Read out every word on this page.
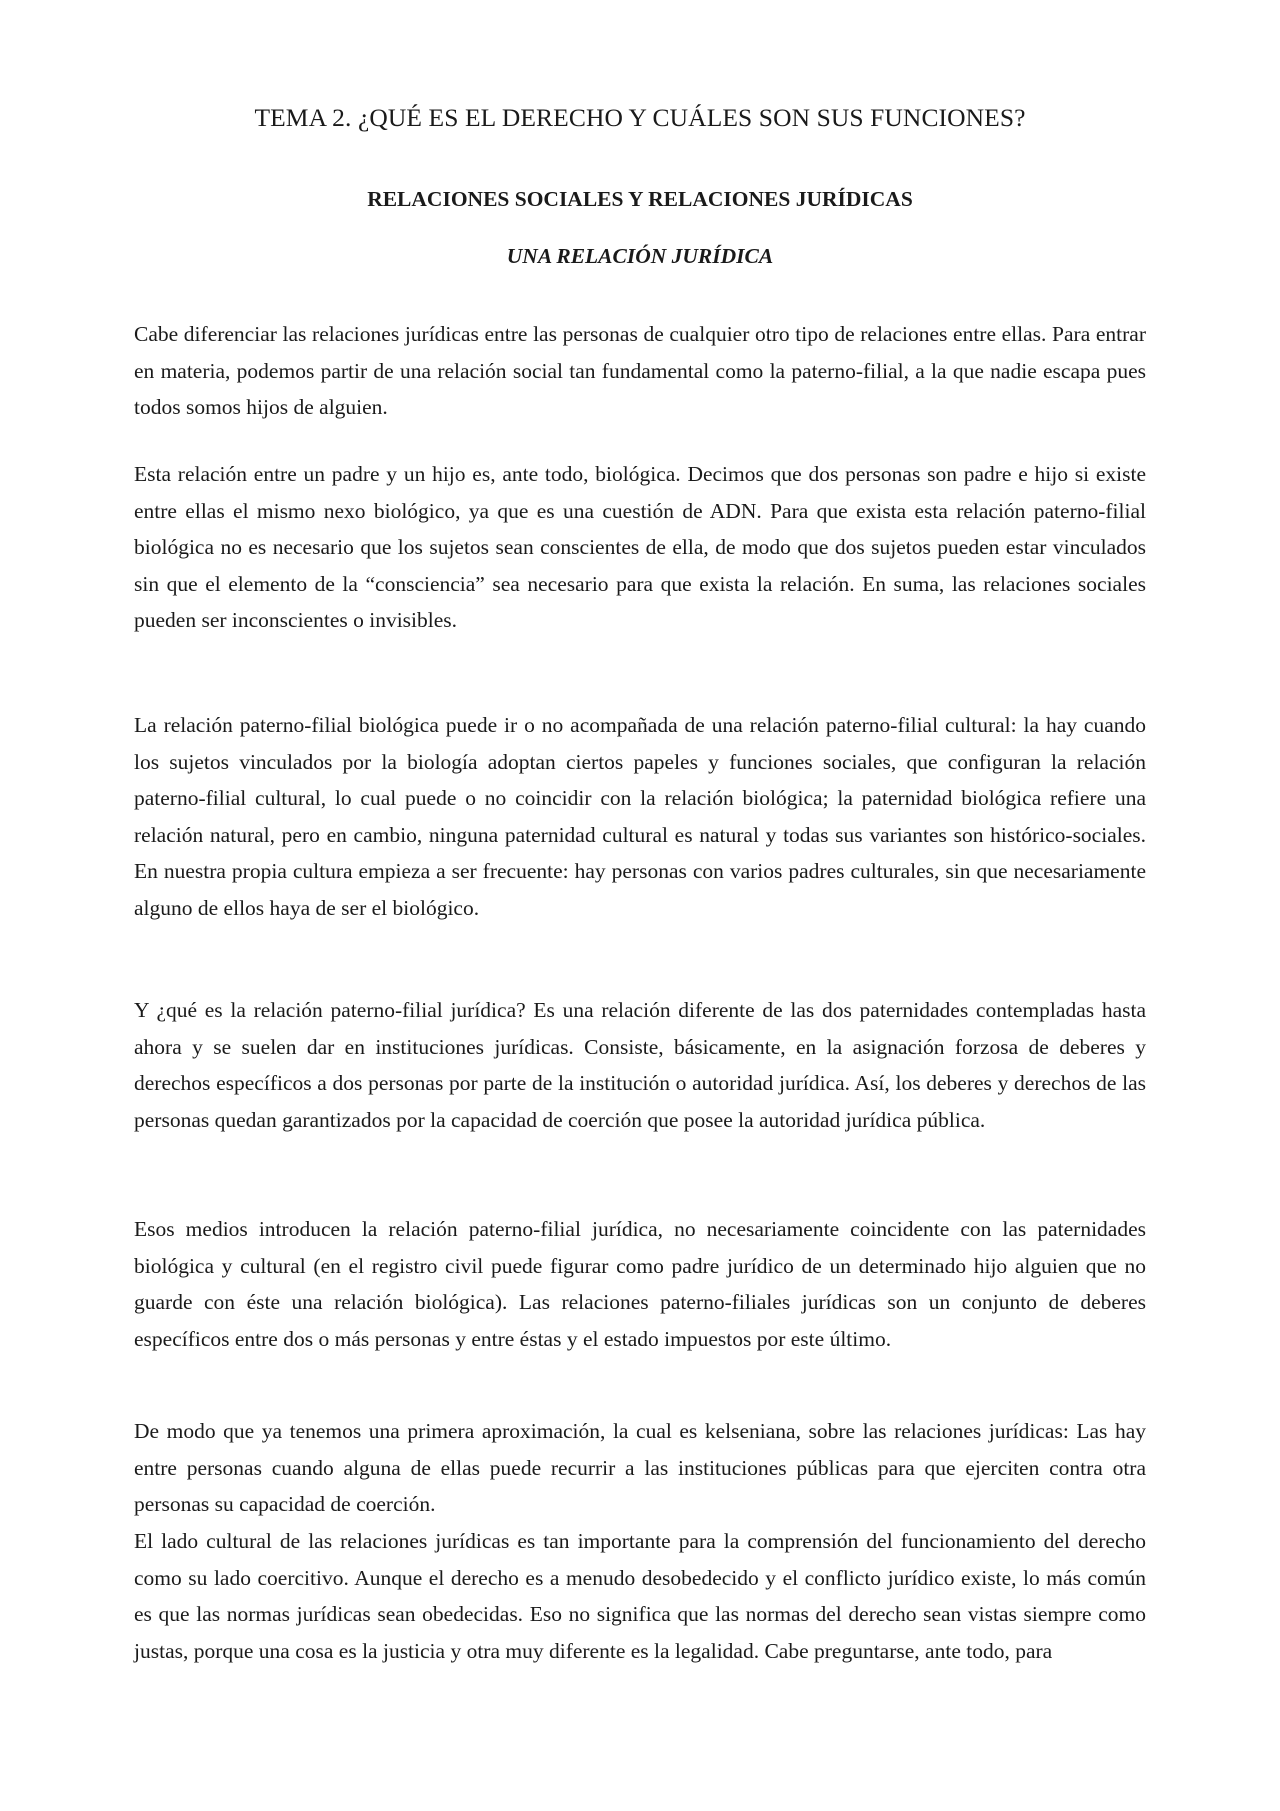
TEMA 2. ¿QUÉ ES EL DERECHO Y CUÁLES SON SUS FUNCIONES?
RELACIONES SOCIALES Y RELACIONES JURÍDICAS
UNA RELACIÓN JURÍDICA

Cabe diferenciar las relaciones jurídicas entre las personas de cualquier otro tipo de relaciones entre ellas. Para entrar en materia, podemos partir de una relación social tan fundamental como la paterno-filial, a la que nadie escapa pues todos somos hijos de alguien.

Esta relación entre un padre y un hijo es, ante todo, biológica. Decimos que dos personas son padre e hijo si existe entre ellas el mismo nexo biológico, ya que es una cuestión de ADN. Para que exista esta relación paterno-filial biológica no es necesario que los sujetos sean conscientes de ella, de modo que dos sujetos pueden estar vinculados sin que el elemento de la “consciencia” sea necesario para que exista la relación. En suma, las relaciones sociales pueden ser inconscientes o invisibles.

La relación paterno-filial biológica puede ir o no acompañada de una relación paterno-filial cultural: la hay cuando los sujetos vinculados por la biología adoptan ciertos papeles y funciones sociales, que configuran la relación paterno-filial cultural, lo cual puede o no coincidir con la relación biológica; la paternidad biológica refiere una relación natural, pero en cambio, ninguna paternidad cultural es natural y todas sus variantes son histórico-sociales. En nuestra propia cultura empieza a ser frecuente: hay personas con varios padres culturales, sin que necesariamente alguno de ellos haya de ser el biológico.

Y ¿qué es la relación paterno-filial jurídica? Es una relación diferente de las dos paternidades contempladas hasta ahora y se suelen dar en instituciones jurídicas. Consiste, básicamente, en la asignación forzosa de deberes y derechos específicos a dos personas por parte de la institución o autoridad jurídica. Así, los deberes y derechos de las personas quedan garantizados por la capacidad de coerción que posee la autoridad jurídica pública.

Esos medios introducen la relación paterno-filial jurídica, no necesariamente coincidente con las paternidades biológica y cultural (en el registro civil puede figurar como padre jurídico de un determinado hijo alguien que no guarde con éste una relación biológica). Las relaciones paterno-filiales jurídicas son un conjunto de deberes específicos entre dos o más personas y entre éstas y el estado impuestos por este último.

De modo que ya tenemos una primera aproximación, la cual es kelseniana, sobre las relaciones jurídicas: Las hay entre personas cuando alguna de ellas puede recurrir a las instituciones públicas para que ejerciten contra otra personas su capacidad de coerción.

El lado cultural de las relaciones jurídicas es tan importante para la comprensión del funcionamiento del derecho como su lado coercitivo. Aunque el derecho es a menudo desobedecido y el conflicto jurídico existe, lo más común es que las normas jurídicas sean obedecidas. Eso no significa que las normas del derecho sean vistas siempre como justas, porque una cosa es la justicia y otra muy diferente es la legalidad. Cabe preguntarse, ante todo, para
